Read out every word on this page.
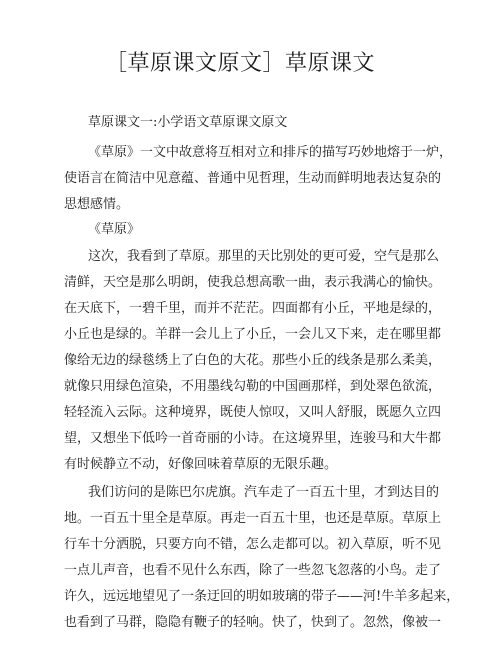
［草原课文原文］草原课文
草原课文一:小学语文草原课文原文
《草原》一文中故意将互相对立和排斥的描写巧妙地熔于一炉，
使语言在简洁中见意蕴、普通中见哲理，生动而鲜明地表达复杂的
思想感情。
《草原》
这次，我看到了草原。那里的天比别处的更可爱，空气是那么
清鲜，天空是那么明朗，使我总想高歌一曲，表示我满心的愉快。
在天底下，一碧千里，而并不茫茫。四面都有小丘，平地是绿的，
小丘也是绿的。羊群一会儿上了小丘，一会儿又下来，走在哪里都
像给无边的绿毯绣上了白色的大花。那些小丘的线条是那么柔美，
就像只用绿色渲染，不用墨线勾勒的中国画那样，到处翠色欲流，
轻轻流入云际。这种境界，既使人惊叹，又叫人舒服，既愿久立四
望，又想坐下低吟一首奇丽的小诗。在这境界里，连骏马和大牛都
有时候静立不动，好像回味着草原的无限乐趣。
我们访问的是陈巴尔虎旗。汽车走了一百五十里，才到达目的
地。一百五十里全是草原。再走一百五十里，也还是草原。草原上
行车十分洒脱，只要方向不错，怎么走都可以。初入草原，听不见
一点儿声音，也看不见什么东西，除了一些忽飞忽落的小鸟。走了
许久，远远地望见了一条迂回的明如玻璃的带子——河!牛羊多起来，
也看到了马群，隐隐有鞭子的轻响。快了，快到了。忽然，像被一
